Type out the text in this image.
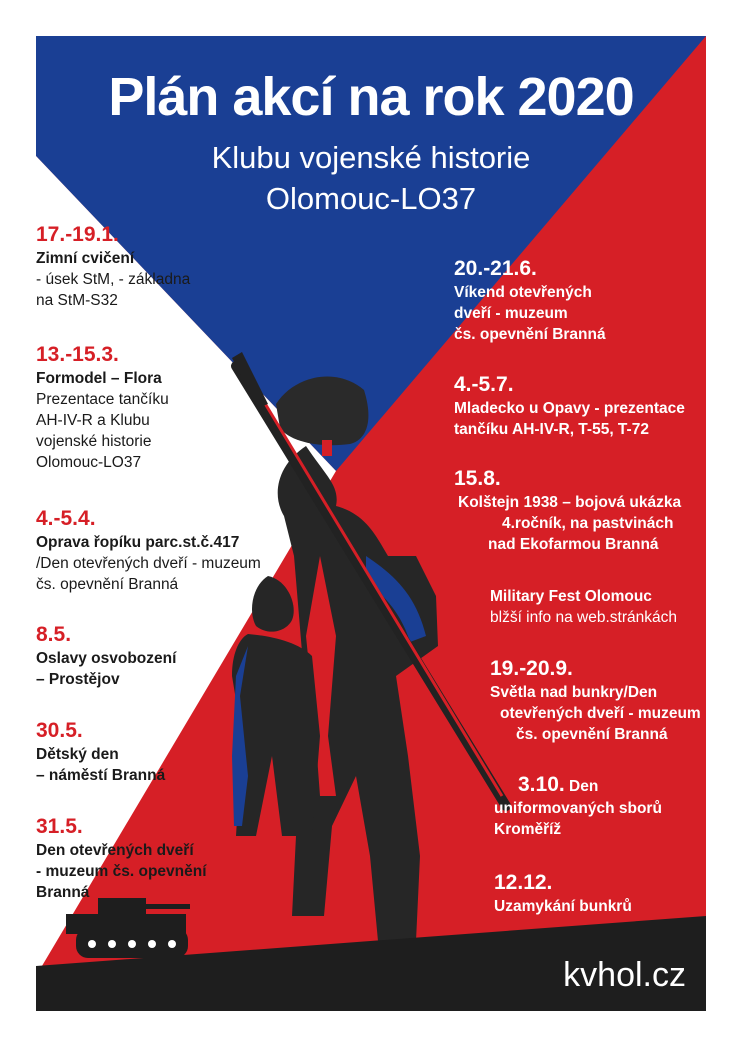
Plán akcí na rok 2020
Klubu vojenské historie
Olomouc-LO37
17.-19.1.
Zimní cvičení
- úsek StM, - základna
na StM-S32
13.-15.3.
Formodel – Flora
Prezentace tančíku
AH-IV-R a Klubu
vojenské historie
Olomouc-LO37
4.-5.4.
Oprava řopíku parc.st.č.417
/Den otevřených dveří - muzeum
čs. opevnění Branná
8.5.
Oslavy osvobození
– Prostějov
30.5.
Dětský den
– náměstí Branná
31.5.
Den otevřených dveří
- muzeum čs. opevnění
Branná
20.-21.6.
Víkend otevřených
dveří - muzeum
čs. opevnění Branná
4.-5.7.
Mladecko u Opavy - prezentace
tančíku AH-IV-R, T-55, T-72
15.8.
Kolštejn 1938 – bojová ukázka
4.ročník, na pastvinách
nad Ekofarmou Branná
Military Fest Olomouc
blžší info na web.stránkách
19.-20.9.
Světla nad bunkry/Den
otevřených dveří - muzeum
čs. opevnění Branná
3.10. Den
uniformovaných sborů
Kroměříž
12.12.
Uzamykání bunkrů
kvhol.cz
